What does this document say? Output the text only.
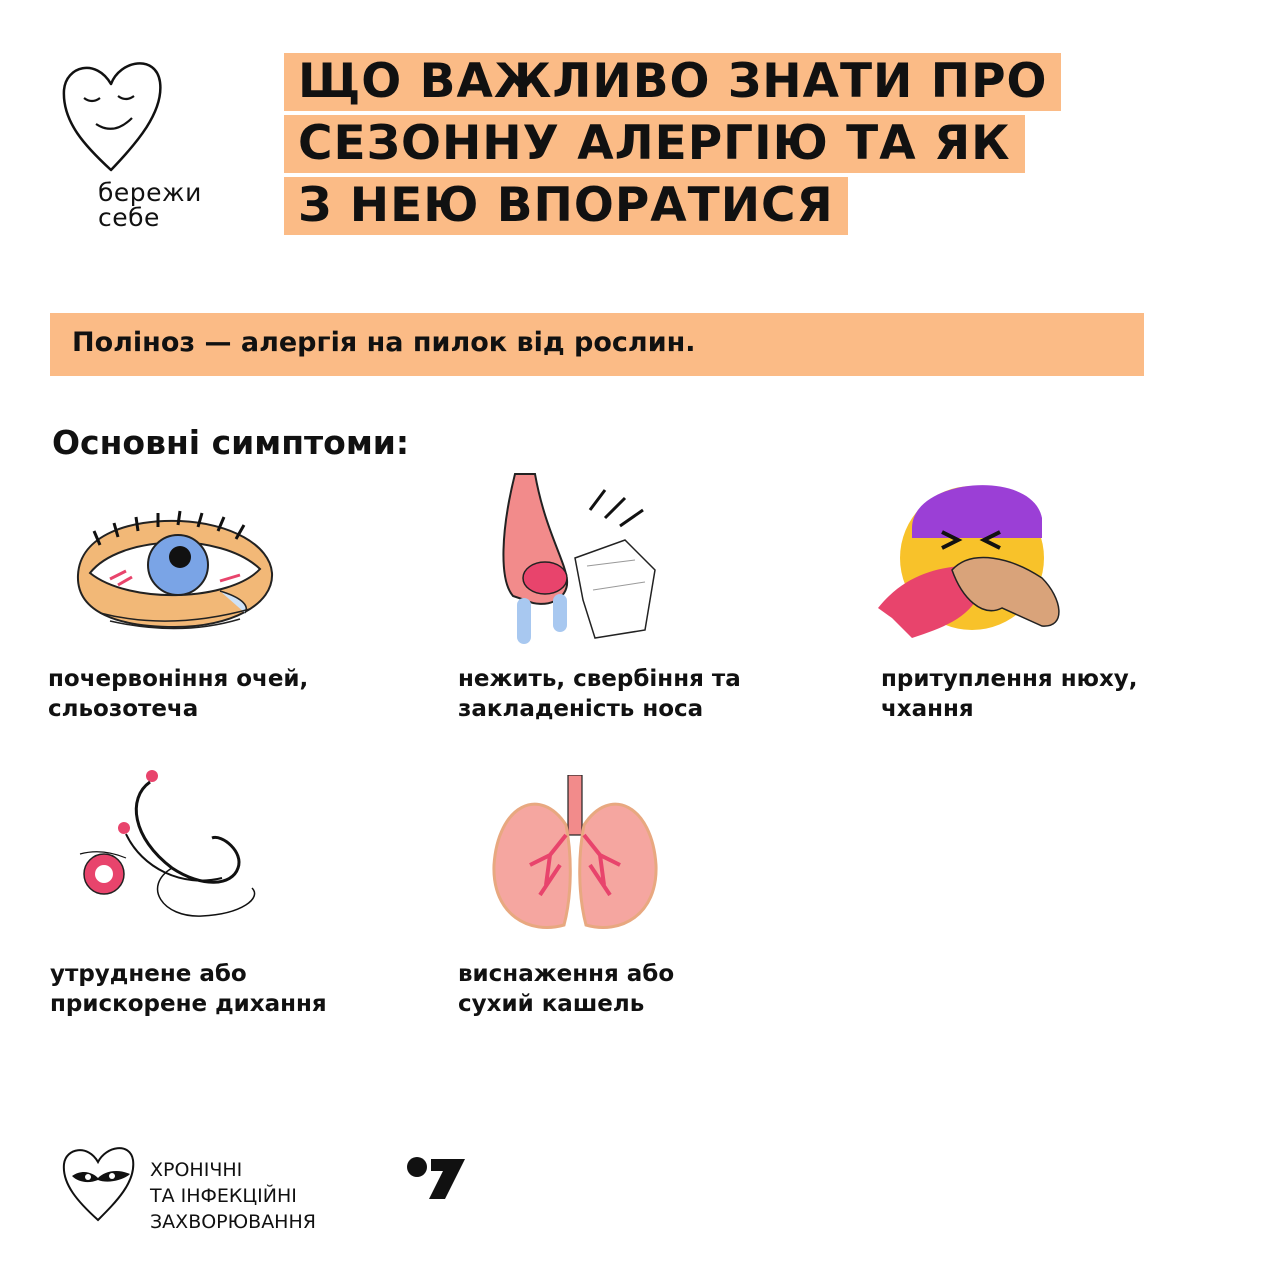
бережи
себе
ЩО ВАЖЛИВО ЗНАТИ ПРО
СЕЗОННУ АЛЕРГІЮ ТА ЯК
З НЕЮ ВПОРАТИСЯ
Поліноз — алергія на пилок від рослин.
Основні симптоми:
почервоніння очей,
сльозотеча
нежить, свербіння та
закладеність носа
притуплення нюху,
чхання
утруднене або
прискорене дихання
виснаження або
сухий кашель
ХРОНІЧНІ
ТА ІНФЕКЦІЙНІ
ЗАХВОРЮВАННЯ
